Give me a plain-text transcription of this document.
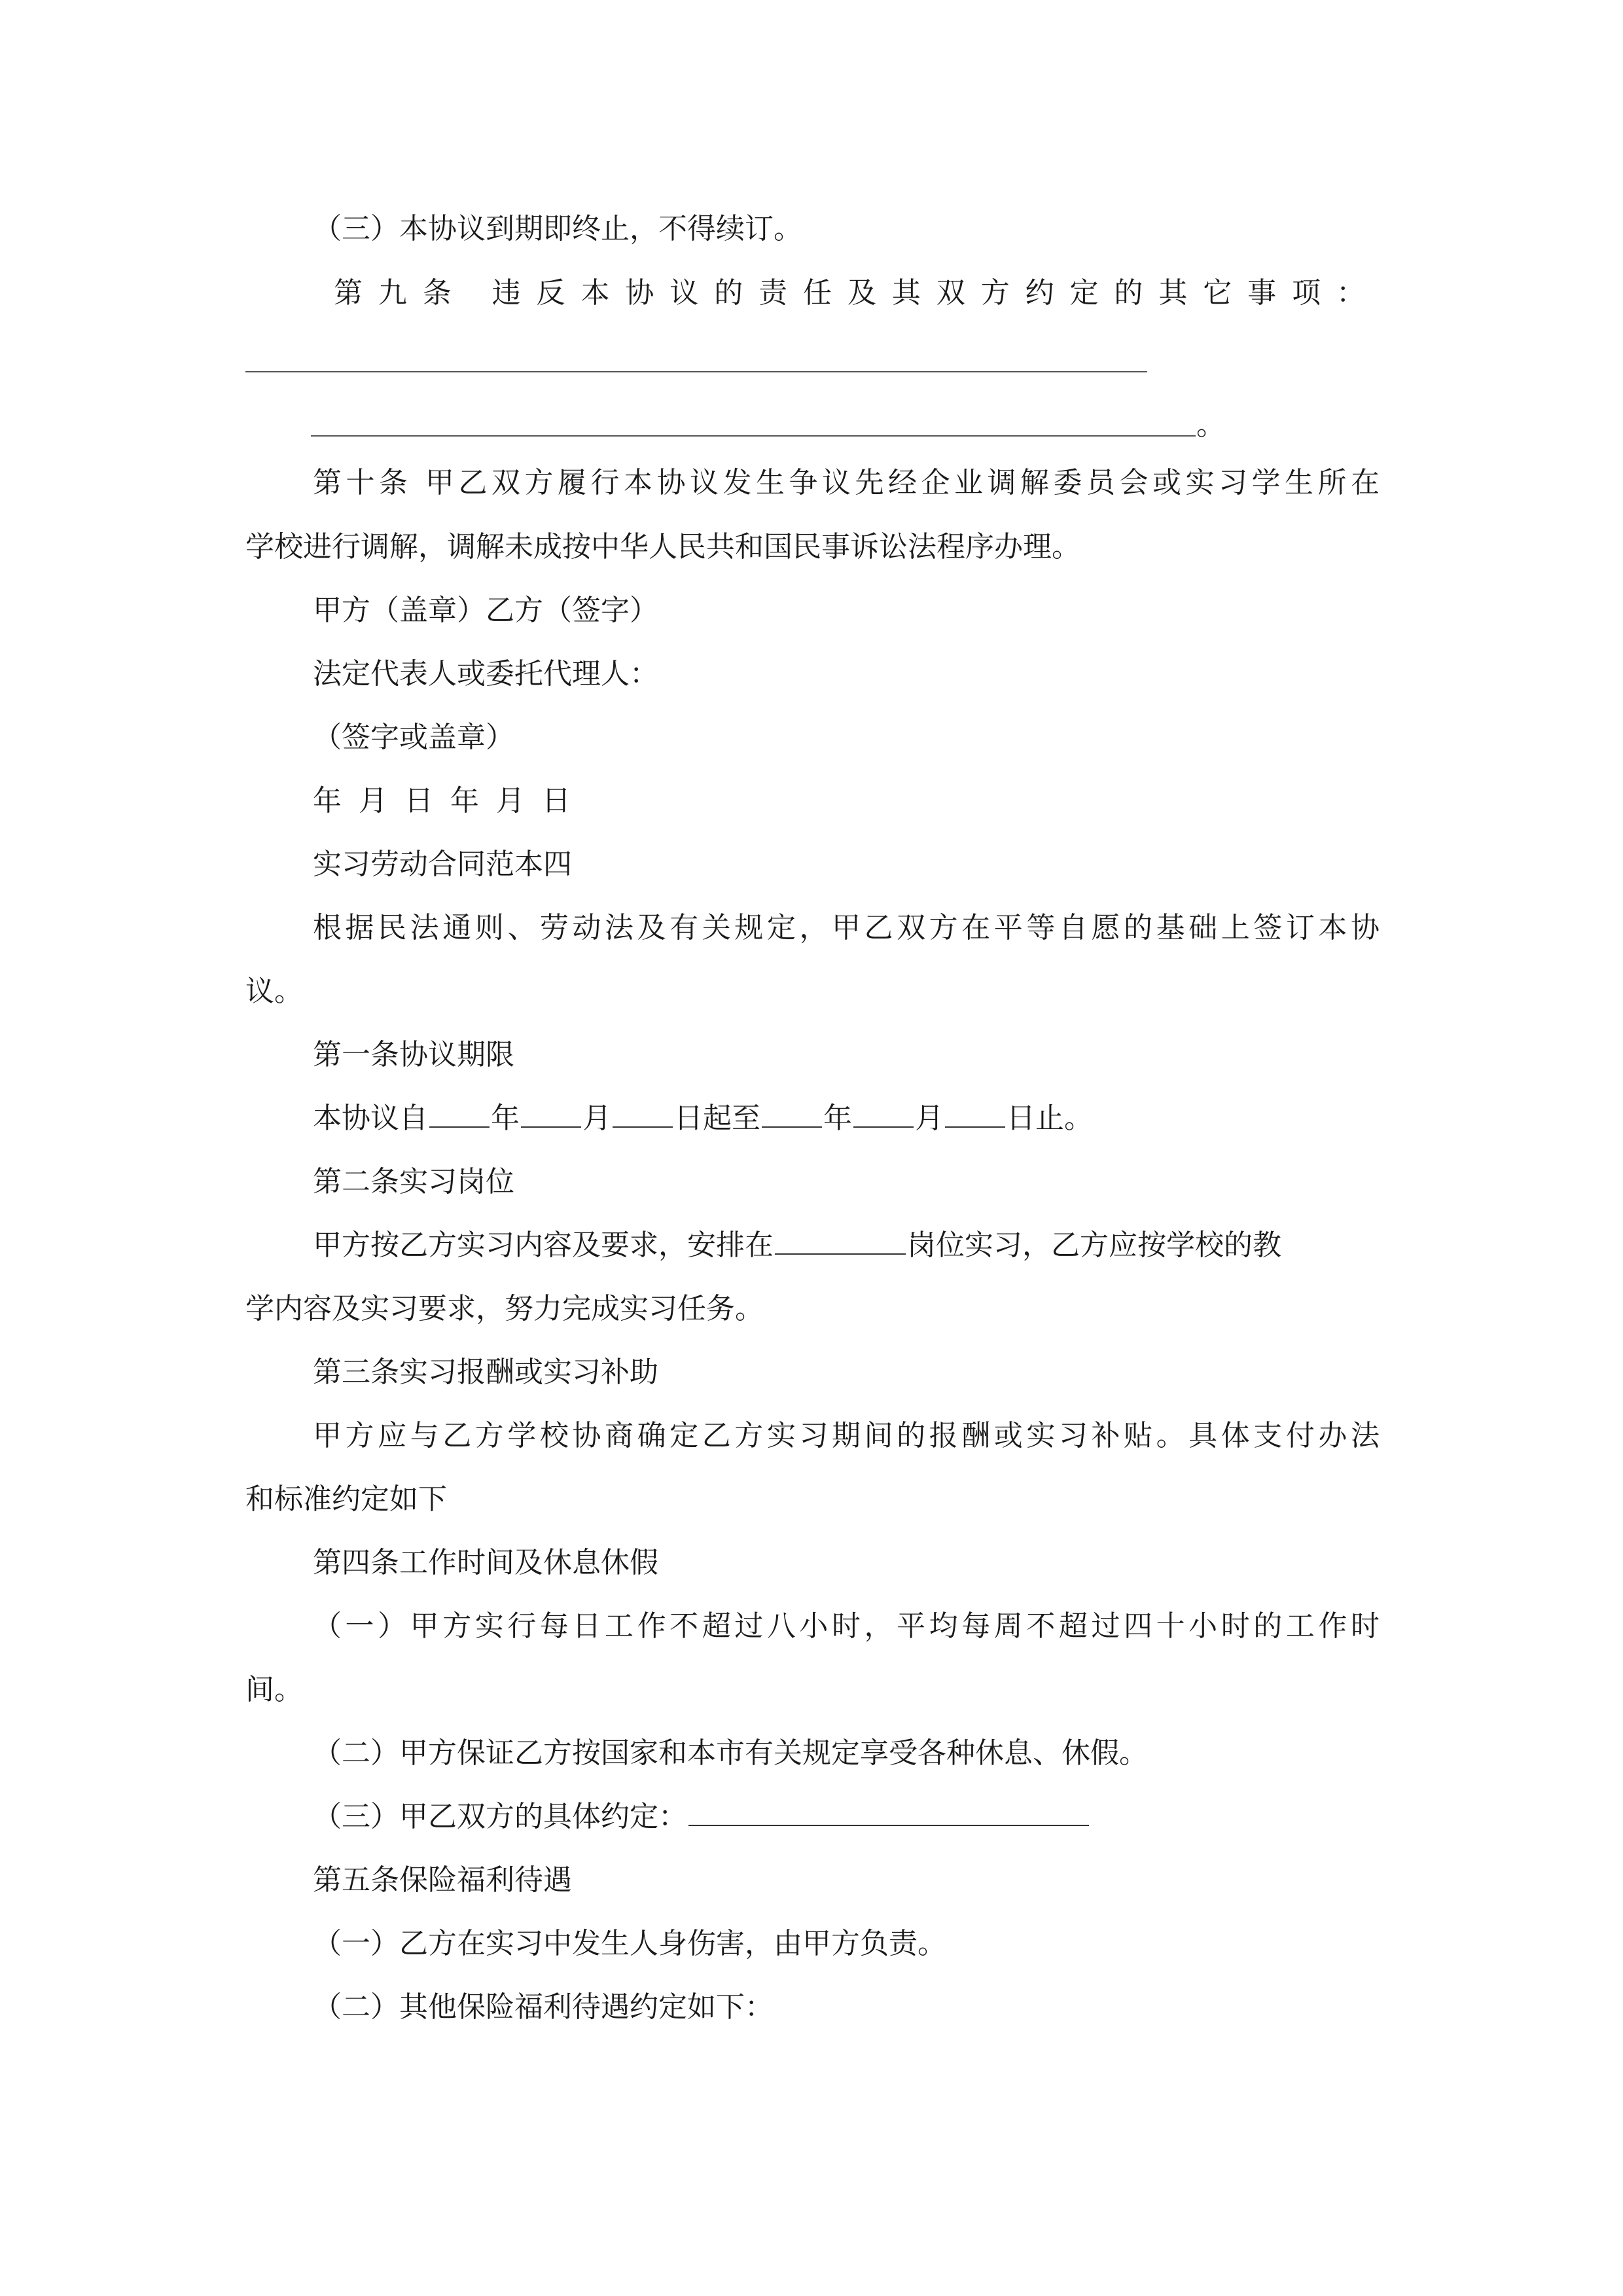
（三）本协议到期即终止，不得续订。

第九条 违反本协议的责任及其双方约定的其它事项：

。

第十条 甲乙双方履行本协议发生争议先经企业调解委员会或实习学生所在

学校进行调解，调解未成按中华人民共和国民事诉讼法程序办理。

甲方（盖章）乙方（签字）

法定代表人或委托代理人：

（签字或盖章）

年 月 日 年 月 日

实习劳动合同范本四

根据民法通则、劳动法及有关规定，甲乙双方在平等自愿的基础上签订本协

议。

第一条协议期限

本协议自 年 月 日起至 年 月 日止。

第二条实习岗位

甲方按乙方实习内容及要求，安排在	岗位实习，乙方应按学校的教

学内容及实习要求，努力完成实习任务。

第三条实习报酬或实习补助

甲方应与乙方学校协商确定乙方实习期间的报酬或实习补贴。具体支付办法

和标准约定如下

第四条工作时间及休息休假

（一）甲方实行每日工作不超过八小时，平均每周不超过四十小时的工作时

间。

（二）甲方保证乙方按国家和本市有关规定享受各种休息、休假。

（三）甲乙双方的具体约定：

第五条保险福利待遇

（一）乙方在实习中发生人身伤害，由甲方负责。

（二）其他保险福利待遇约定如下：
